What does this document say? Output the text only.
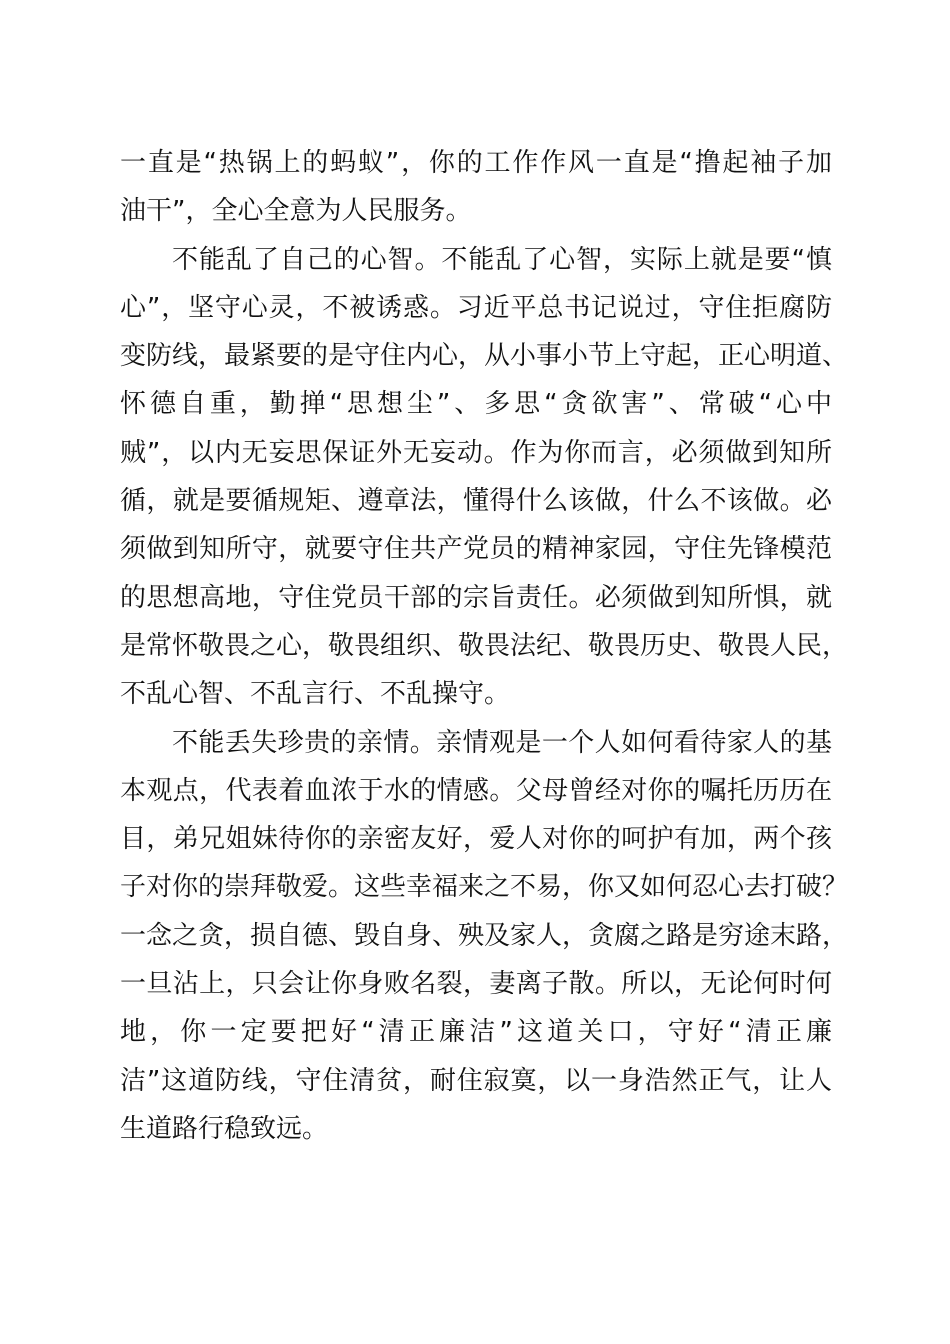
一直是“热锅上的蚂蚁”，你的工作作风一直是“撸起袖子加
油干”，全心全意为人民服务。
不能乱了自己的心智。不能乱了心智，实际上就是要“慎
心”，坚守心灵，不被诱惑。习近平总书记说过，守住拒腐防
变防线，最紧要的是守住内心，从小事小节上守起，正心明道、
怀德自重，勤掸“思想尘”、多思“贪欲害”、常破“心中
贼”，以内无妄思保证外无妄动。作为你而言，必须做到知所
循，就是要循规矩、遵章法，懂得什么该做，什么不该做。必
须做到知所守，就要守住共产党员的精神家园，守住先锋模范
的思想高地，守住党员干部的宗旨责任。必须做到知所惧，就
是常怀敬畏之心，敬畏组织、敬畏法纪、敬畏历史、敬畏人民，
不乱心智、不乱言行、不乱操守。
不能丢失珍贵的亲情。亲情观是一个人如何看待家人的基
本观点，代表着血浓于水的情感。父母曾经对你的嘱托历历在
目，弟兄姐妹待你的亲密友好，爱人对你的呵护有加，两个孩
子对你的崇拜敬爱。这些幸福来之不易，你又如何忍心去打破？
一念之贪，损自德、毁自身、殃及家人，贪腐之路是穷途末路，
一旦沾上，只会让你身败名裂，妻离子散。所以，无论何时何
地，你一定要把好“清正廉洁”这道关口，守好“清正廉
洁”这道防线，守住清贫，耐住寂寞，以一身浩然正气，让人
生道路行稳致远。
